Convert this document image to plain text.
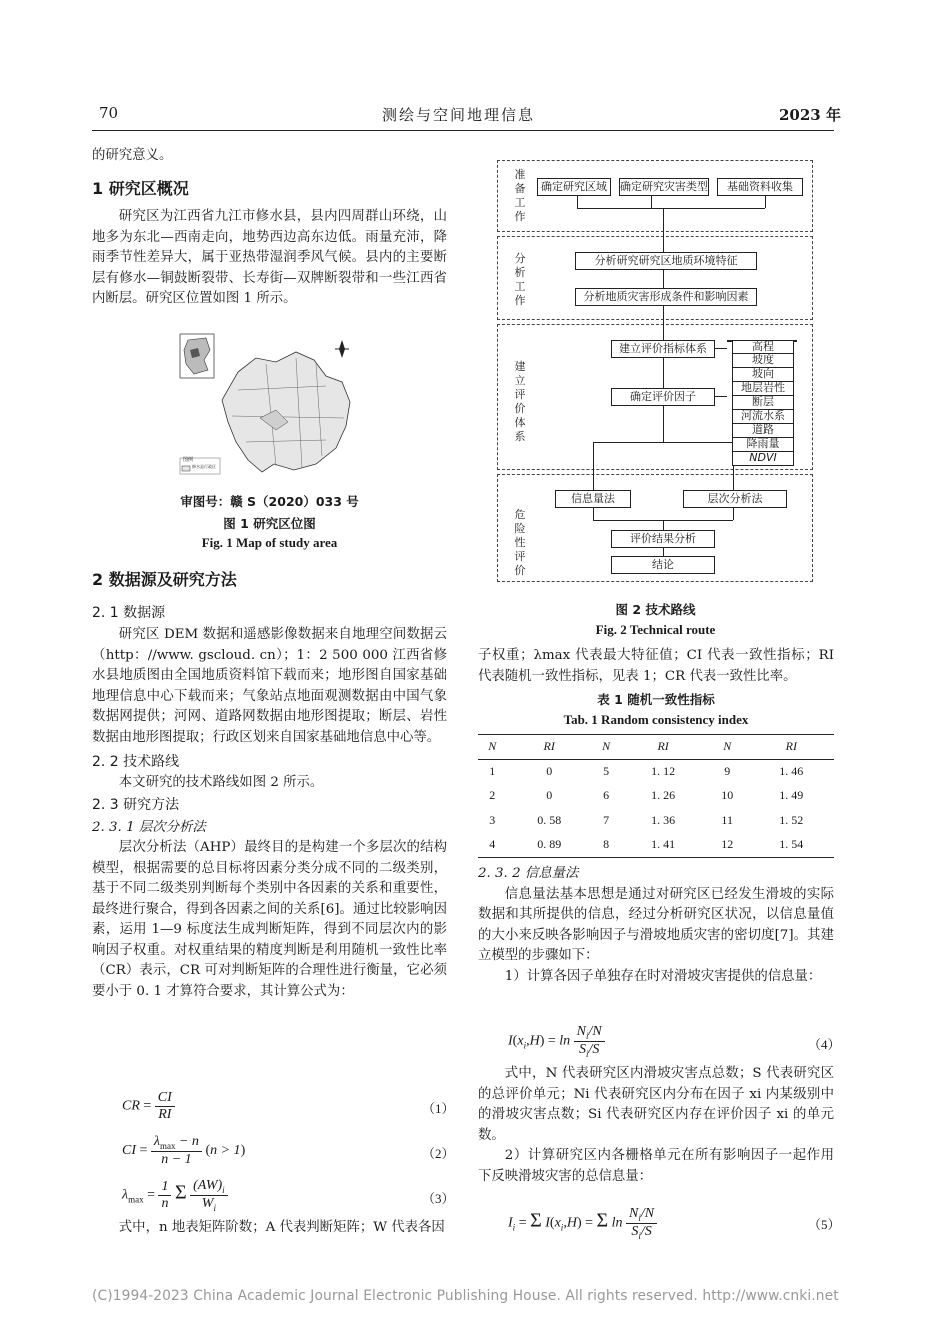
70	测绘与空间地理信息	2023 年

的研究意义。

1 研究区概况

研究区为江西省九江市修水县，县内四周群山环绕，山地多为东北—西南走向，地势西边高东边低。雨量充沛，降雨季节性差异大，属于亚热带湿润季风气候。县内的主要断层有修水—铜鼓断裂带、长寿街—双牌断裂带和一些江西省内断层。研究区位置如图 1 所示。

图例
修水县行政区
审图号：赣 S（2020）033 号
图 1 研究区位图
Fig. 1 Map of study area
2 数据源及研究方法
2. 1 数据源

研究区 DEM 数据和遥感影像数据来自地理空间数据云（http：//www. gscloud. cn）；1：2 500 000 江西省修水县地质图由全国地质资料馆下载而来；地形图自国家基础地理信息中心下载而来；气象站点地面观测数据由中国气象数据网提供；河网、道路网数据由地形图提取；断层、岩性数据由地形图提取；行政区划来自国家基础地信息中心等。

2. 2 技术路线

本文研究的技术路线如图 2 所示。

2. 3 研究方法
2. 3. 1 层次分析法

层次分析法（AHP）最终目的是构建一个多层次的结构模型，根据需要的总目标将因素分类分成不同的二级类别，基于不同二级类别判断每个类别中各因素的关系和重要性，最终进行聚合，得到各因素之间的关系[6]。通过比较影响因素，运用 1—9 标度法生成判断矩阵，得到不同层次内的影响因子权重。对权重结果的精度判断是利用随机一致性比率（CR）表示，CR 可对判断矩阵的合理性进行衡量，它必须要小于 0. 1 才算符合要求，其计算公式为：

CR = $\frac{CI}{RI}$	（1）
CI = $\frac{\lambda_{max} - n}{n - 1} (n > 1)$	（2）
$\lambda_{max} = \frac{1}{n}$ Σ $\frac{(AW)_i}{W_i}$	（3）

式中，n 地表矩阵阶数；A 代表判断矩阵；W 代表各因

准备工作
分析工作
建立评价体系
危险性评价
确定研究区域	确定研究灾害类型	基础资料收集
分析研究研究区地质环境特征
分析地质灾害形成条件和影响因素
建立评价指标体系
确定评价因子
信息量法	层次分析法
评价结果分析
结论
高程
坡度
坡向
地层岩性
断层
河流水系
道路
降雨量
NDVI
图 2 技术路线
Fig. 2 Technical route

子权重；λmax 代表最大特征值；CI 代表一致性指标；RI 代表随机一致性指标，见表 1；CR 代表一致性比率。

表 1 随机一致性指标
Tab. 1 Random consistency index
N	RI	N	RI	N	RI
1	0	5	1. 12	9	1. 46
2	0	6	1. 26	10	1. 49
3	0. 58	7	1. 36	11	1. 52
4	0. 89	8	1. 41	12	1. 54
2. 3. 2 信息量法

信息量法基本思想是通过对研究区已经发生滑坡的实际数据和其所提供的信息，经过分析研究区状况，以信息量值的大小来反映各影响因子与滑坡地质灾害的密切度[7]。其建立模型的步骤如下：

1）计算各因子单独存在时对滑坡灾害提供的信息量：

$I(x_i,H) = \ln \frac{N_i/N}{S_i/S}$	（4）

式中，N 代表研究区内滑坡灾害点总数；S 代表研究区的总评价单元；Ni 代表研究区内分布在因子 xi 内某级别中的滑坡灾害点数；Si 代表研究区内存在评价因子 xi 的单元数。

2）计算研究区内各栅格单元在所有影响因子一起作用下反映滑坡灾害的总信息量：

$I_i = \Sigma$ $I(x_i,H) = \Sigma$ $\ln \frac{N_i/N}{S_i/S}$	（5）
(C)1994-2023 China Academic Journal Electronic Publishing House. All rights reserved. http://www.cnki.net
